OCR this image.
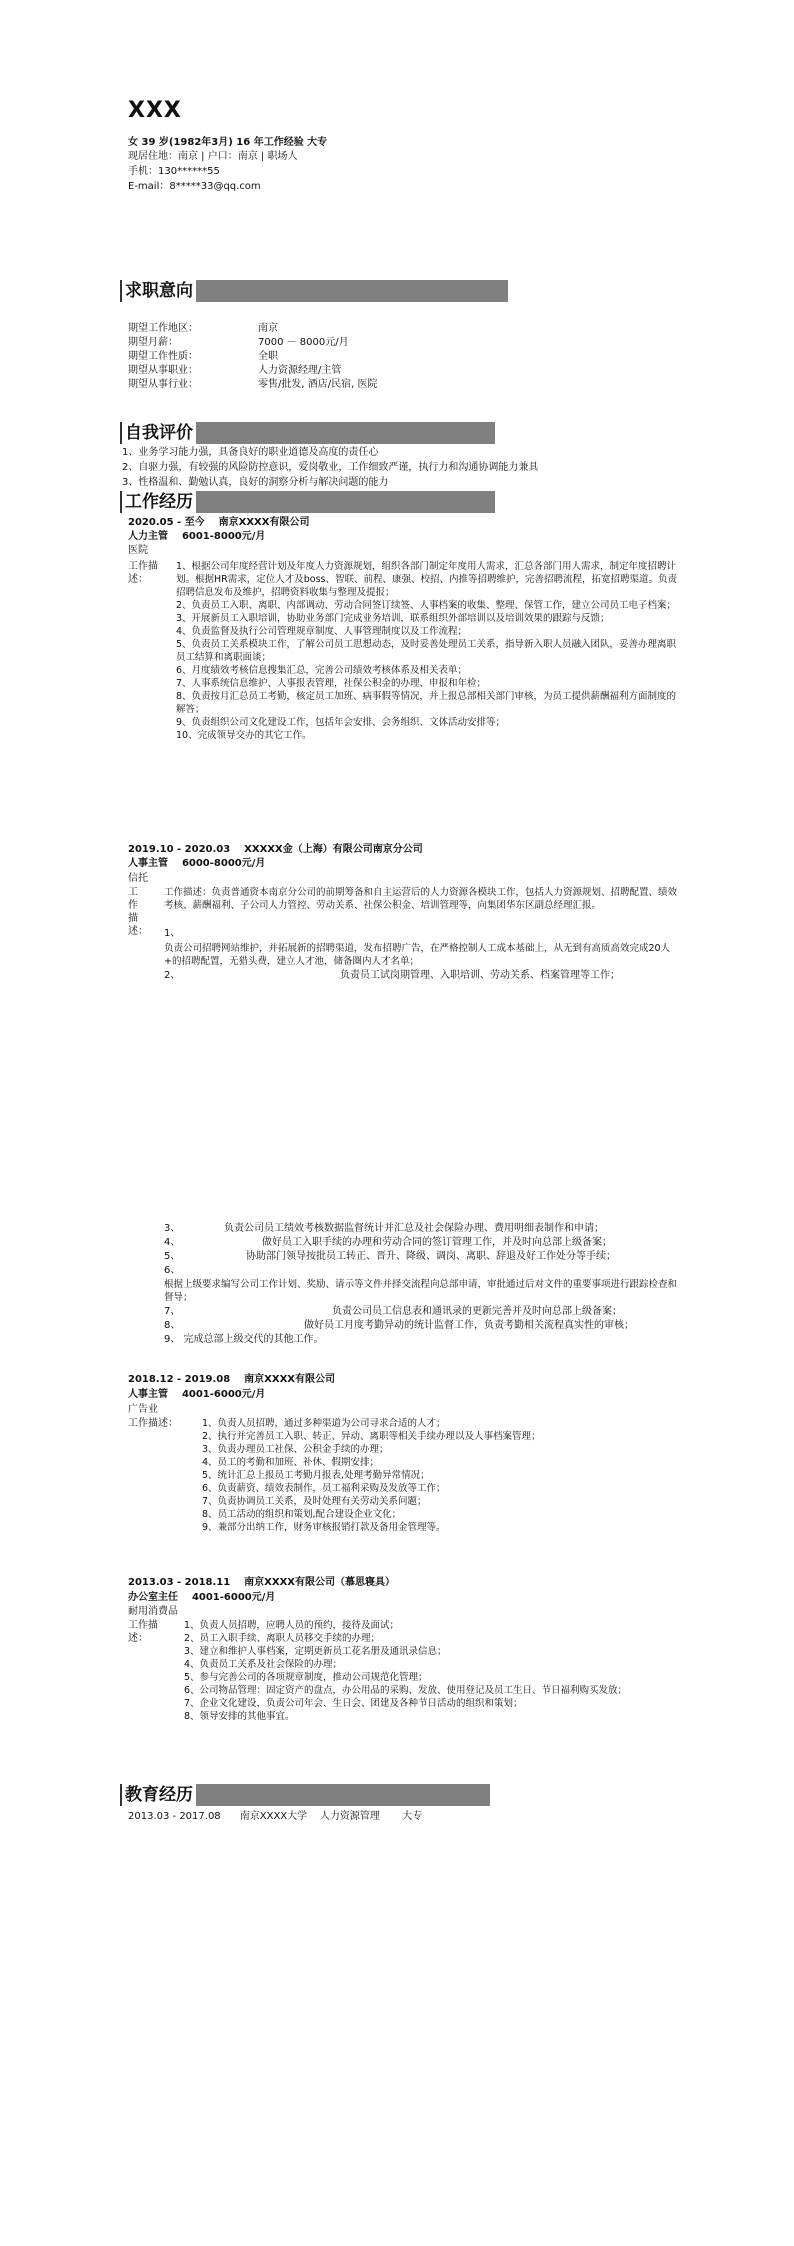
XXX
女 39 岁(1982年3月) 16 年工作经验 大专
现居住地：南京 | 户口：南京 | 职场人
手机：130******55
E-mail：8*****33@qq.com
求职意向
期望工作地区：	南京
期望月薪：	7000 － 8000元/月
期望工作性质：	全职
期望从事职业：	人力资源经理/主管
期望从事行业：	零售/批发, 酒店/民宿, 医院
自我评价
1、业务学习能力强，具备良好的职业道德及高度的责任心
2、自驱力强，有较强的风险防控意识，爱岗敬业，工作细致严谨，执行力和沟通协调能力兼具
3、性格温和、勤勉认真，良好的洞察分析与解决问题的能力
工作经历
2020.05 - 至今 南京XXXX有限公司
人力主管 6001-8000元/月
医院
工作描述：
1、根据公司年度经营计划及年度人力资源规划，组织各部门制定年度用人需求，汇总各部门用人需求，制定年度招聘计划。根据HR需求，定位人才及boss、智联、前程、康强、校招、内推等招聘维护，完善招聘流程，拓宽招聘渠道。负责招聘信息发布及维护，招聘资料收集与整理及提报；
2、负责员工入职、离职、内部调动、劳动合同签订续签、人事档案的收集、整理、保管工作，建立公司员工电子档案；
3、开展新员工入职培训，协助业务部门完成业务培训，联系组织外部培训以及培训效果的跟踪与反馈；
4、负责监督及执行公司管理规章制度、人事管理制度以及工作流程；
5、负责员工关系模块工作，了解公司员工思想动态，及时妥善处理员工关系，指导新入职人员融入团队，妥善办理离职员工结算和离职面谈；
6、月度绩效考核信息搜集汇总，完善公司绩效考核体系及相关表单；
7、人事系统信息维护、人事报表管理，社保公积金的办理、申报和年检；
8、负责按月汇总员工考勤，核定员工加班、病事假等情况，并上报总部相关部门审核，为员工提供薪酬福利方面制度的解答；
9、负责组织公司文化建设工作，包括年会安排、会务组织、文体活动安排等；
10、完成领导交办的其它工作。
2019.10 - 2020.03 XXXXX金（上海）有限公司南京分公司
人事主管 6000-8000元/月
信托
工作描述：
工作描述：负责普通资本南京分公司的前期筹备和自主运营后的人力资源各模块工作，包括人力资源规划、招聘配置、绩效考核、薪酬福利、子公司人力管控、劳动关系、社保公积金、培训管理等，向集团华东区副总经理汇报。
1、
负责公司招聘网站维护，并拓展新的招聘渠道，发布招聘广告，在严格控制人工成本基础上，从无到有高质高效完成20人+的招聘配置，无猎头费，建立人才池，储备圈内人才名单；
2、	负责员工试岗期管理、入职培训、劳动关系、档案管理等工作；
3、	负责公司员工绩效考核数据监督统计并汇总及社会保险办理、费用明细表制作和申请；
4、	做好员工入职手续的办理和劳动合同的签订管理工作，并及时向总部上级备案；
5、	协助部门领导按批员工转正、晋升、降级、调岗、离职、辞退及好工作处分等手续；
6、
根据上级要求编写公司工作计划、奖励、请示等文件并择交流程向总部申请，审批通过后对文件的重要事项进行跟踪检查和督导；
7、	负责公司员工信息表和通讯录的更新完善并及时向总部上级备案；
8、	做好员工月度考勤异动的统计监督工作，负责考勤相关流程真实性的审核；
9、 完成总部上级交代的其他工作。
2018.12 - 2019.08 南京XXXX有限公司
人事主管 4001-6000元/月
广告业
工作描述：	1、负责人员招聘，通过多种渠道为公司寻求合适的人才；
2、执行并完善员工入职、转正、异动、离职等相关手续办理以及人事档案管理；
3、负责办理员工社保、公积金手续的办理；
4、员工的考勤和加班、补休、假期安排；
5、统计汇总上报员工考勤月报表,处理考勤异常情况；
6、负责薪资、绩效表制作，员工福利采购及发放等工作；
7、负责协调员工关系，及时处理有关劳动关系问题；
8、员工活动的组织和策划,配合建设企业文化；
9、兼部分出纳工作，财务审核报销打款及备用金管理等。
2013.03 - 2018.11 南京XXXX有限公司（慕思寝具）
办公室主任 4001-6000元/月
耐用消费品
工作描述：
1、负责人员招聘，应聘人员的预约，接待及面试；
2、员工入职手续、离职人员移交手续的办理；
3、建立和维护人事档案，定期更新员工花名册及通讯录信息；
4、负责员工关系及社会保险的办理；
5、参与完善公司的各项规章制度，推动公司规范化管理；
6、公司物品管理：固定资产的盘点，办公用品的采购、发放、使用登记及员工生日、节日福利购买发放；
7、企业文化建设，负责公司年会、生日会、团建及各种节日活动的组织和策划；
8、领导安排的其他事宜。
教育经历
2013.03 - 2017.08 南京XXXX大学 人力资源管理 大专
